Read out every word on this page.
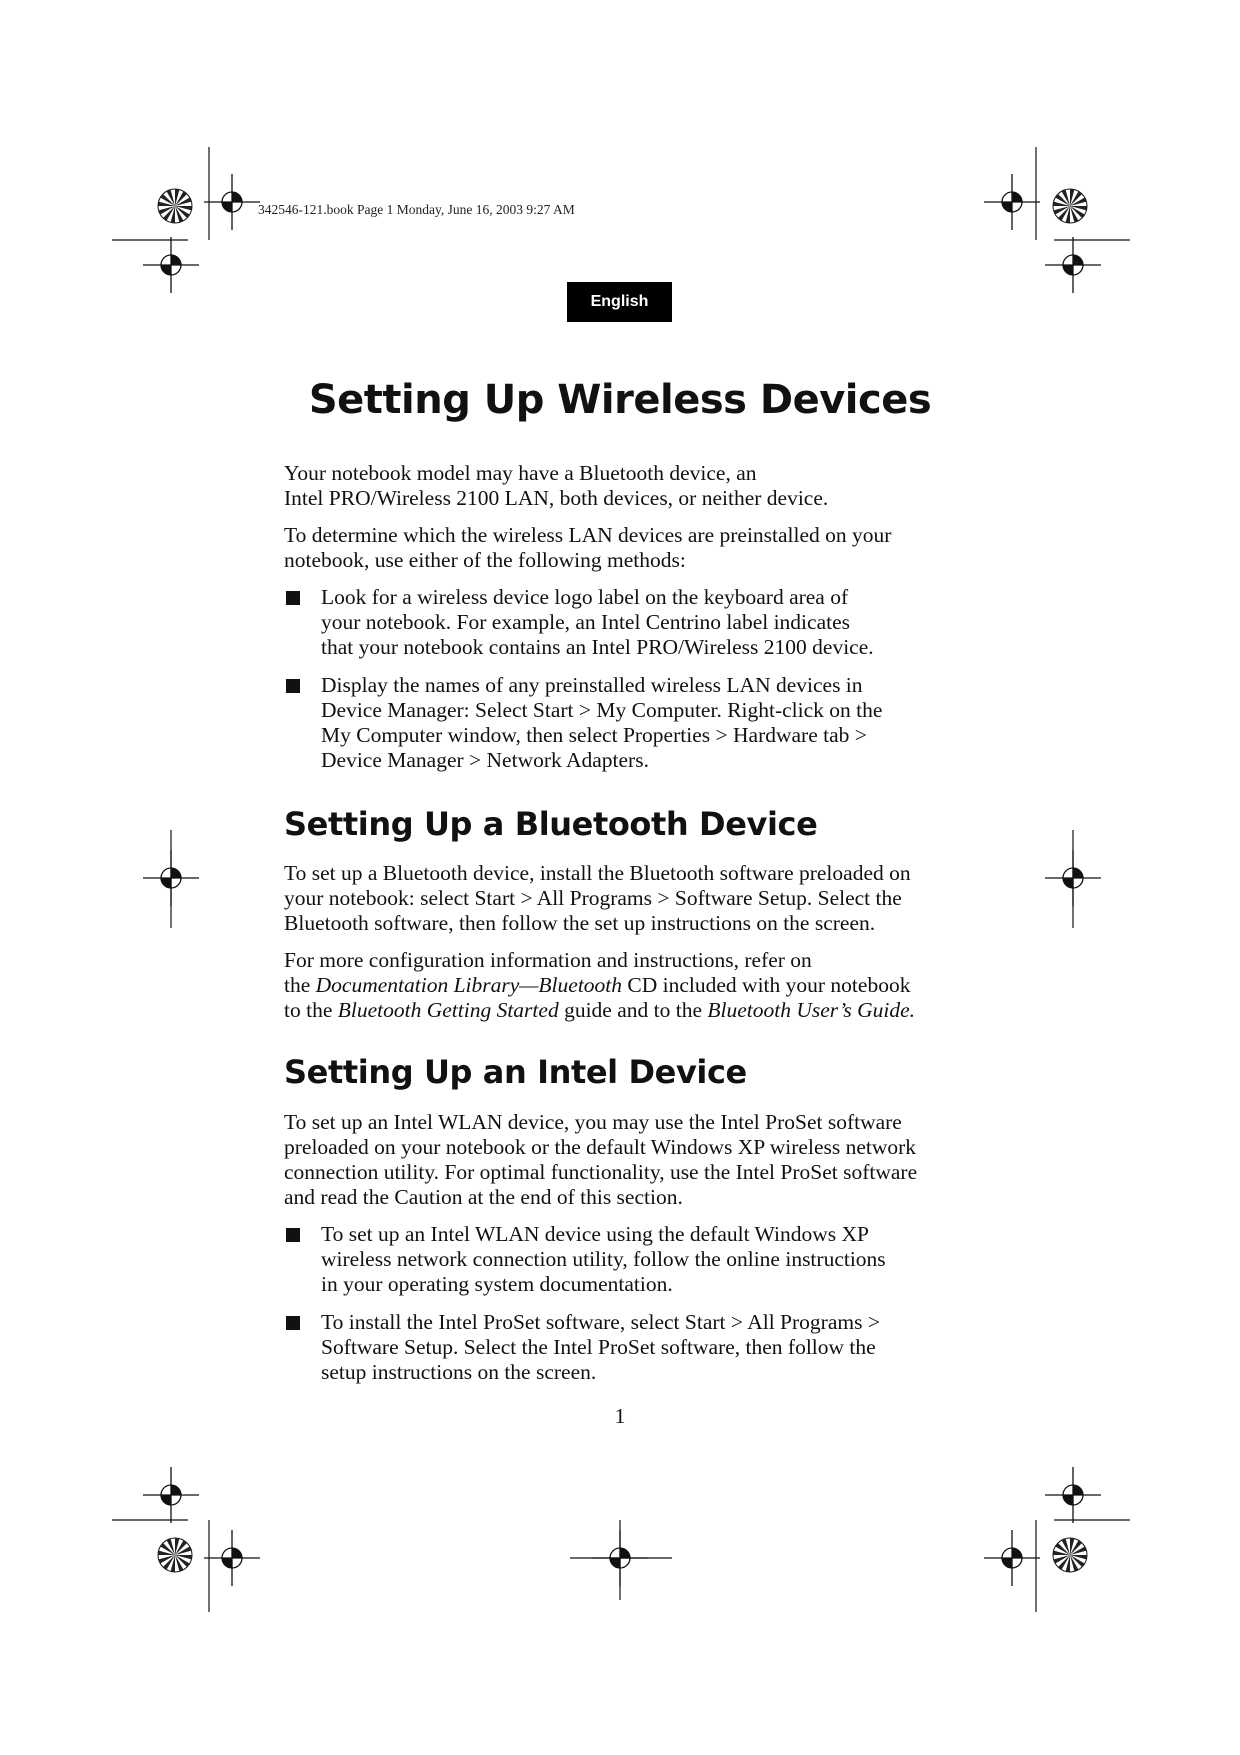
342546-121.book Page 1 Monday, June 16, 2003 9:27 AM
English
Setting Up Wireless Devices

Your notebook model may have a Bluetooth device, an
Intel PRO/Wireless 2100 LAN, both devices, or neither device.

To determine which the wireless LAN devices are preinstalled on your
notebook, use either of the following methods:

Look for a wireless device logo label on the keyboard area of
your notebook. For example, an Intel Centrino label indicates
that your notebook contains an Intel PRO/Wireless 2100 device.

Display the names of any preinstalled wireless LAN devices in
Device Manager: Select Start > My Computer. Right-click on the
My Computer window, then select Properties > Hardware tab >
Device Manager > Network Adapters.

Setting Up a Bluetooth Device

To set up a Bluetooth device, install the Bluetooth software preloaded on
your notebook: select Start > All Programs > Software Setup. Select the
Bluetooth software, then follow the set up instructions on the screen.

For more configuration information and instructions, refer on
the Documentation Library—Bluetooth CD included with your notebook
to the Bluetooth Getting Started guide and to the Bluetooth User’s Guide.

Setting Up an Intel Device

To set up an Intel WLAN device, you may use the Intel ProSet software
preloaded on your notebook or the default Windows XP wireless network
connection utility. For optimal functionality, use the Intel ProSet software
and read the Caution at the end of this section.

To set up an Intel WLAN device using the default Windows XP
wireless network connection utility, follow the online instructions
in your operating system documentation.

To install the Intel ProSet software, select Start > All Programs >
Software Setup. Select the Intel ProSet software, then follow the
setup instructions on the screen.

1
